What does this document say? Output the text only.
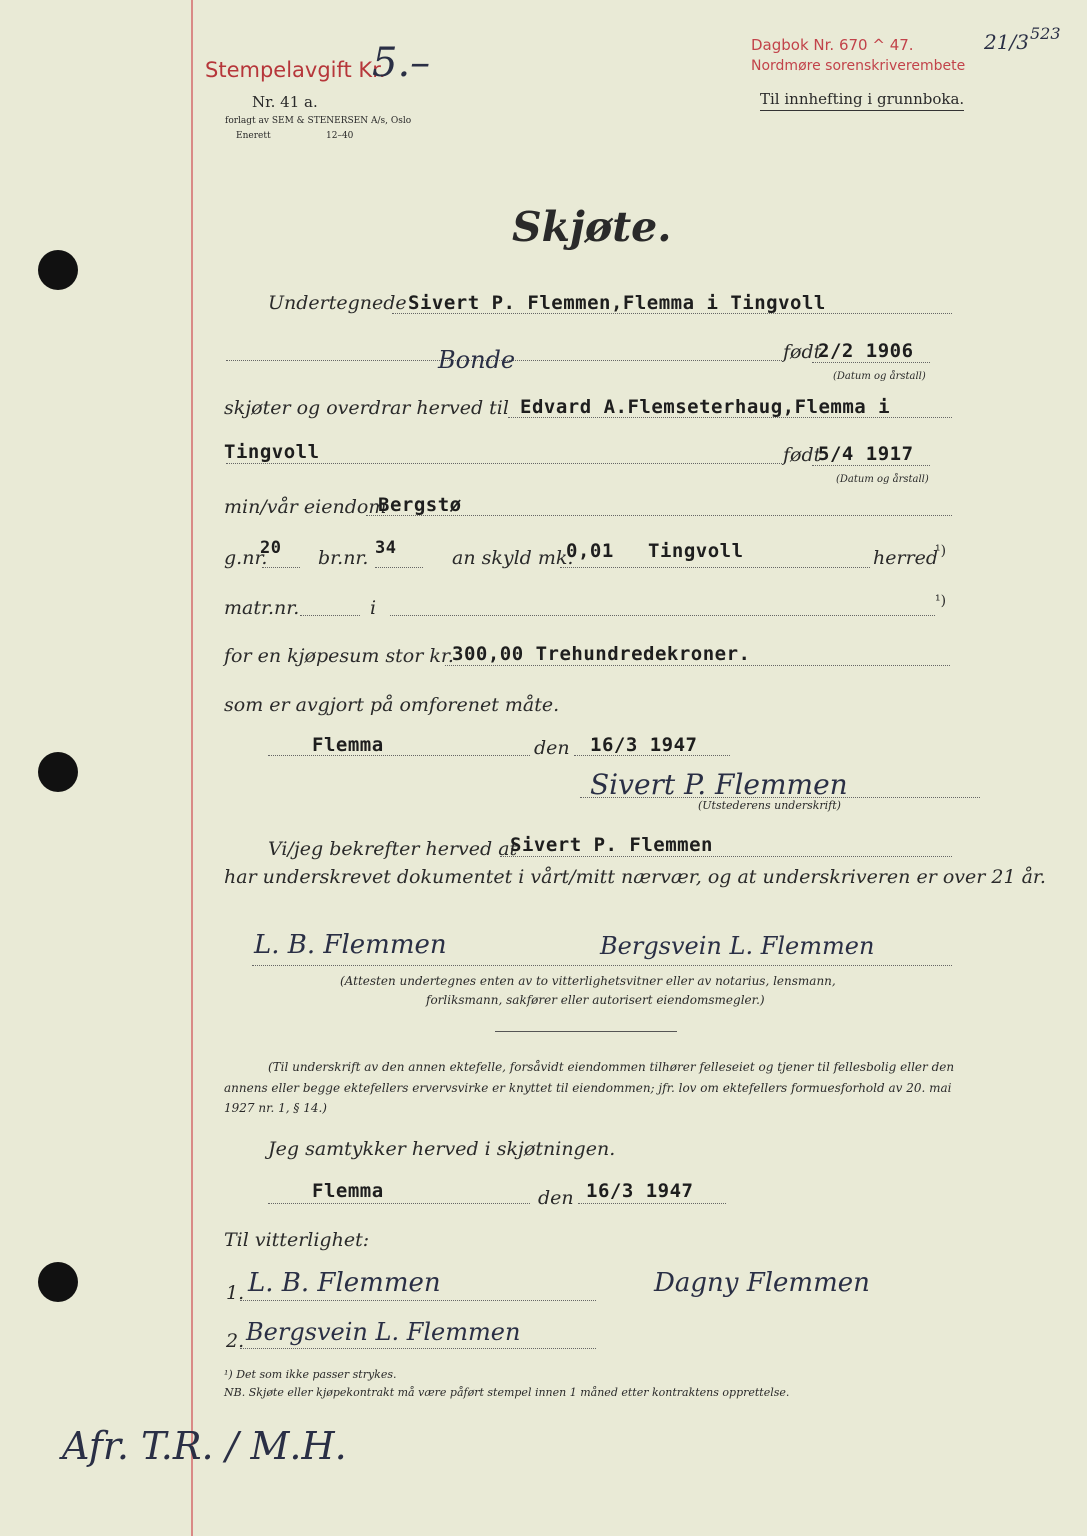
Stempelavgift Kr.
5.–
Nr. 41 a.
forlagt av SEM & STENERSEN A/s, Oslo
Enerett	12–40
Dagbok Nr. 670 ^ 47.	21/3 523
Nordmøre sorenskriverembete
Til innhefting i grunnboka.
Skjøte.
Undertegnede Sivert P. Flemmen,Flemma i Tingvoll
Bonde	født
2/2 1906
(Datum og årstall)
skjøter og overdrar herved til Edvard A.Flemseterhaug,Flemma i
Tingvoll	født
5/4 1917
(Datum og årstall)
min/vår eiendom
Bergstø
g.nr.
20 br.nr. 34	an skyld mk.
0,01 Tingvoll	herred
¹)
matr.nr.	i	¹)
for en kjøpesum stor kr.
300,00 Trehundredekroner.
som er avgjort på omforenet måte.
Flemma	den 16/3 1947
Sivert P. Flemmen
(Utstederens underskrift)
Vi/jeg bekrefter herved at
Sivert P. Flemmen
har underskrevet dokumentet i vårt/mitt nærvær, og at underskriveren er over 21 år.
L. B. Flemmen	Bergsvein L. Flemmen
(Attesten undertegnes enten av to vitterlighetsvitner eller av notarius, lensmann,
forliksmann, sakfører eller autorisert eiendomsmegler.)
(Til underskrift av den annen ektefelle, forsåvidt eiendommen tilhører felleseiet og tjener til fellesbolig eller den
annens eller begge ektefellers ervervsvirke er knyttet til eiendommen; jfr. lov om ektefellers formuesforhold av 20. mai
1927 nr. 1, § 14.)
Jeg samtykker herved i skjøtningen.
Flemma	den 16/3 1947
Til vitterlighet:
1. L. B. Flemmen	Dagny Flemmen
2. Bergsvein L. Flemmen
¹) Det som ikke passer strykes.
NB. Skjøte eller kjøpekontrakt må være påført stempel innen 1 måned etter kontraktens opprettelse.
Afr. T.R. / M.H.
